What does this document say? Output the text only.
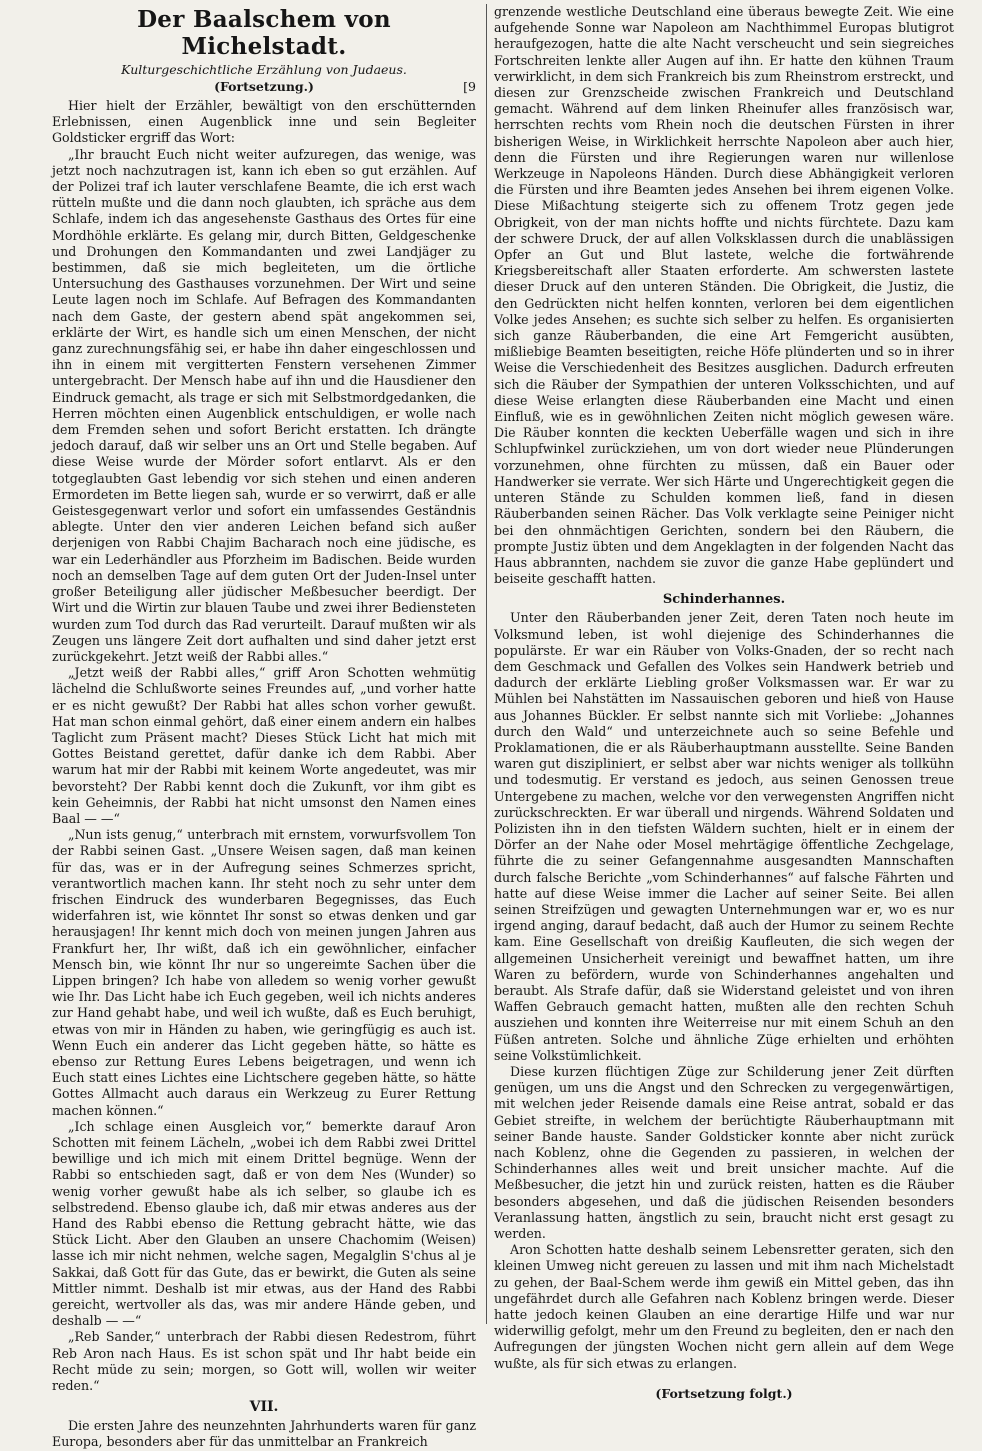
Der Baalschem von Michelstadt.
Kulturgeschichtliche Erzählung von Judaeus.
(Fortsetzung.)	[9

Hier hielt der Erzähler, bewältigt von den erschütternden Erlebnissen, einen Augenblick inne und sein Begleiter Goldsticker ergriff das Wort:

„Ihr braucht Euch nicht weiter aufzuregen, das wenige, was jetzt noch nachzutragen ist, kann ich eben so gut erzählen. Auf der Polizei traf ich lauter verschlafene Beamte, die ich erst wach rütteln mußte und die dann noch glaubten, ich spräche aus dem Schlafe, indem ich das angesehenste Gasthaus des Ortes für eine Mordhöhle erklärte. Es gelang mir, durch Bitten, Geldgeschenke und Drohungen den Kommandanten und zwei Landjäger zu bestimmen, daß sie mich begleiteten, um die örtliche Untersuchung des Gasthauses vorzunehmen. Der Wirt und seine Leute lagen noch im Schlafe. Auf Befragen des Kommandanten nach dem Gaste, der gestern abend spät angekommen sei, erklärte der Wirt, es handle sich um einen Menschen, der nicht ganz zurechnungsfähig sei, er habe ihn daher eingeschlossen und ihn in einem mit vergitterten Fenstern versehenen Zimmer untergebracht. Der Mensch habe auf ihn und die Hausdiener den Eindruck gemacht, als trage er sich mit Selbstmordgedanken, die Herren möchten einen Augenblick entschuldigen, er wolle nach dem Fremden sehen und sofort Bericht erstatten. Ich drängte jedoch darauf, daß wir selber uns an Ort und Stelle begaben. Auf diese Weise wurde der Mörder sofort entlarvt. Als er den totgeglaubten Gast lebendig vor sich stehen und einen anderen Ermordeten im Bette liegen sah, wurde er so verwirrt, daß er alle Geistesgegenwart verlor und sofort ein umfassendes Geständnis ablegte. Unter den vier anderen Leichen befand sich außer derjenigen von Rabbi Chajim Bacharach noch eine jüdische, es war ein Lederhändler aus Pforzheim im Badischen. Beide wurden noch an demselben Tage auf dem guten Ort der Juden-Insel unter großer Beteiligung aller jüdischer Meßbesucher beerdigt. Der Wirt und die Wirtin zur blauen Taube und zwei ihrer Bediensteten wurden zum Tod durch das Rad verurteilt. Darauf mußten wir als Zeugen uns längere Zeit dort aufhalten und sind daher jetzt erst zurückgekehrt. Jetzt weiß der Rabbi alles.“

„Jetzt weiß der Rabbi alles,“ griff Aron Schotten wehmütig lächelnd die Schlußworte seines Freundes auf, „und vorher hatte er es nicht gewußt? Der Rabbi hat alles schon vorher gewußt. Hat man schon einmal gehört, daß einer einem andern ein halbes Taglicht zum Präsent macht? Dieses Stück Licht hat mich mit Gottes Beistand gerettet, dafür danke ich dem Rabbi. Aber warum hat mir der Rabbi mit keinem Worte angedeutet, was mir bevorsteht? Der Rabbi kennt doch die Zukunft, vor ihm gibt es kein Geheimnis, der Rabbi hat nicht umsonst den Namen eines Baal — —“

„Nun ists genug,“ unterbrach mit ernstem, vorwurfsvollem Ton der Rabbi seinen Gast. „Unsere Weisen sagen, daß man keinen für das, was er in der Aufregung seines Schmerzes spricht, verantwortlich machen kann. Ihr steht noch zu sehr unter dem frischen Eindruck des wunderbaren Begegnisses, das Euch widerfahren ist, wie könntet Ihr sonst so etwas denken und gar herausjagen! Ihr kennt mich doch von meinen jungen Jahren aus Frankfurt her, Ihr wißt, daß ich ein gewöhnlicher, einfacher Mensch bin, wie könnt Ihr nur so ungereimte Sachen über die Lippen bringen? Ich habe von alledem so wenig vorher gewußt wie Ihr. Das Licht habe ich Euch gegeben, weil ich nichts anderes zur Hand gehabt habe, und weil ich wußte, daß es Euch beruhigt, etwas von mir in Händen zu haben, wie geringfügig es auch ist. Wenn Euch ein anderer das Licht gegeben hätte, so hätte es ebenso zur Rettung Eures Lebens beigetragen, und wenn ich Euch statt eines Lichtes eine Lichtschere gegeben hätte, so hätte Gottes Allmacht auch daraus ein Werkzeug zu Eurer Rettung machen können.“

„Ich schlage einen Ausgleich vor,“ bemerkte darauf Aron Schotten mit feinem Lächeln, „wobei ich dem Rabbi zwei Drittel bewillige und ich mich mit einem Drittel begnüge. Wenn der Rabbi so entschieden sagt, daß er von dem Nes (Wunder) so wenig vorher gewußt habe als ich selber, so glaube ich es selbstredend. Ebenso glaube ich, daß mir etwas anderes aus der Hand des Rabbi ebenso die Rettung gebracht hätte, wie das Stück Licht. Aber den Glauben an unsere Chachomim (Weisen) lasse ich mir nicht nehmen, welche sagen, Megalglin S'chus al je Sakkai, daß Gott für das Gute, das er bewirkt, die Guten als seine Mittler nimmt. Deshalb ist mir etwas, aus der Hand des Rabbi gereicht, wertvoller als das, was mir andere Hände geben, und deshalb — —“

„Reb Sander,“ unterbrach der Rabbi diesen Redestrom, führt Reb Aron nach Haus. Es ist schon spät und Ihr habt beide ein Recht müde zu sein; morgen, so Gott will, wollen wir weiter reden.“

VII.

Die ersten Jahre des neunzehnten Jahrhunderts waren für ganz Europa, besonders aber für das unmittelbar an Frankreich

grenzende westliche Deutschland eine überaus bewegte Zeit. Wie eine aufgehende Sonne war Napoleon am Nachthimmel Europas blutigrot heraufgezogen, hatte die alte Nacht verscheucht und sein siegreiches Fortschreiten lenkte aller Augen auf ihn. Er hatte den kühnen Traum verwirklicht, in dem sich Frankreich bis zum Rheinstrom erstreckt, und diesen zur Grenzscheide zwischen Frankreich und Deutschland gemacht. Während auf dem linken Rheinufer alles französisch war, herrschten rechts vom Rhein noch die deutschen Fürsten in ihrer bisherigen Weise, in Wirklichkeit herrschte Napoleon aber auch hier, denn die Fürsten und ihre Regierungen waren nur willenlose Werkzeuge in Napoleons Händen. Durch diese Abhängigkeit verloren die Fürsten und ihre Beamten jedes Ansehen bei ihrem eigenen Volke. Diese Mißachtung steigerte sich zu offenem Trotz gegen jede Obrigkeit, von der man nichts hoffte und nichts fürchtete. Dazu kam der schwere Druck, der auf allen Volksklassen durch die unablässigen Opfer an Gut und Blut lastete, welche die fortwährende Kriegsbereitschaft aller Staaten erforderte. Am schwersten lastete dieser Druck auf den unteren Ständen. Die Obrigkeit, die Justiz, die den Gedrückten nicht helfen konnten, verloren bei dem eigentlichen Volke jedes Ansehen; es suchte sich selber zu helfen. Es organisierten sich ganze Räuberbanden, die eine Art Femgericht ausübten, mißliebige Beamten beseitigten, reiche Höfe plünderten und so in ihrer Weise die Verschiedenheit des Besitzes ausglichen. Dadurch erfreuten sich die Räuber der Sympathien der unteren Volksschichten, und auf diese Weise erlangten diese Räuberbanden eine Macht und einen Einfluß, wie es in gewöhnlichen Zeiten nicht möglich gewesen wäre. Die Räuber konnten die keckten Ueberfälle wagen und sich in ihre Schlupfwinkel zurückziehen, um von dort wieder neue Plünderungen vorzunehmen, ohne fürchten zu müssen, daß ein Bauer oder Handwerker sie verrate. Wer sich Härte und Ungerechtigkeit gegen die unteren Stände zu Schulden kommen ließ, fand in diesen Räuberbanden seinen Rächer. Das Volk verklagte seine Peiniger nicht bei den ohnmächtigen Gerichten, sondern bei den Räubern, die prompte Justiz übten und dem Angeklagten in der folgenden Nacht das Haus abbrannten, nachdem sie zuvor die ganze Habe geplündert und beiseite geschafft hatten.

Schinderhannes.

Unter den Räuberbanden jener Zeit, deren Taten noch heute im Volksmund leben, ist wohl diejenige des Schinderhannes die populärste. Er war ein Räuber von Volks-Gnaden, der so recht nach dem Geschmack und Gefallen des Volkes sein Handwerk betrieb und dadurch der erklärte Liebling großer Volksmassen war. Er war zu Mühlen bei Nahstätten im Nassauischen geboren und hieß von Hause aus Johannes Bückler. Er selbst nannte sich mit Vorliebe: „Johannes durch den Wald“ und unterzeichnete auch so seine Befehle und Proklamationen, die er als Räuberhauptmann ausstellte. Seine Banden waren gut diszipliniert, er selbst aber war nichts weniger als tollkühn und todesmutig. Er verstand es jedoch, aus seinen Genossen treue Untergebene zu machen, welche vor den verwegensten Angriffen nicht zurückschreckten. Er war überall und nirgends. Während Soldaten und Polizisten ihn in den tiefsten Wäldern suchten, hielt er in einem der Dörfer an der Nahe oder Mosel mehrtägige öffentliche Zechgelage, führte die zu seiner Gefangennahme ausgesandten Mannschaften durch falsche Berichte „vom Schinderhannes“ auf falsche Fährten und hatte auf diese Weise immer die Lacher auf seiner Seite. Bei allen seinen Streifzügen und gewagten Unternehmungen war er, wo es nur irgend anging, darauf bedacht, daß auch der Humor zu seinem Rechte kam. Eine Gesellschaft von dreißig Kaufleuten, die sich wegen der allgemeinen Unsicherheit vereinigt und bewaffnet hatten, um ihre Waren zu befördern, wurde von Schinderhannes angehalten und beraubt. Als Strafe dafür, daß sie Widerstand geleistet und von ihren Waffen Gebrauch gemacht hatten, mußten alle den rechten Schuh ausziehen und konnten ihre Weiterreise nur mit einem Schuh an den Füßen antreten. Solche und ähnliche Züge erhielten und erhöhten seine Volkstümlichkeit.

Diese kurzen flüchtigen Züge zur Schilderung jener Zeit dürften genügen, um uns die Angst und den Schrecken zu vergegenwärtigen, mit welchen jeder Reisende damals eine Reise antrat, sobald er das Gebiet streifte, in welchem der berüchtigte Räuberhauptmann mit seiner Bande hauste. Sander Goldsticker konnte aber nicht zurück nach Koblenz, ohne die Gegenden zu passieren, in welchen der Schinderhannes alles weit und breit unsicher machte. Auf die Meßbesucher, die jetzt hin und zurück reisten, hatten es die Räuber besonders abgesehen, und daß die jüdischen Reisenden besonders Veranlassung hatten, ängstlich zu sein, braucht nicht erst gesagt zu werden.

Aron Schotten hatte deshalb seinem Lebensretter geraten, sich den kleinen Umweg nicht gereuen zu lassen und mit ihm nach Michelstadt zu gehen, der Baal-Schem werde ihm gewiß ein Mittel geben, das ihn ungefährdet durch alle Gefahren nach Koblenz bringen werde. Dieser hatte jedoch keinen Glauben an eine derartige Hilfe und war nur widerwillig gefolgt, mehr um den Freund zu begleiten, den er nach den Aufregungen der jüngsten Wochen nicht gern allein auf dem Wege wußte, als für sich etwas zu erlangen.

(Fortsetzung folgt.)
